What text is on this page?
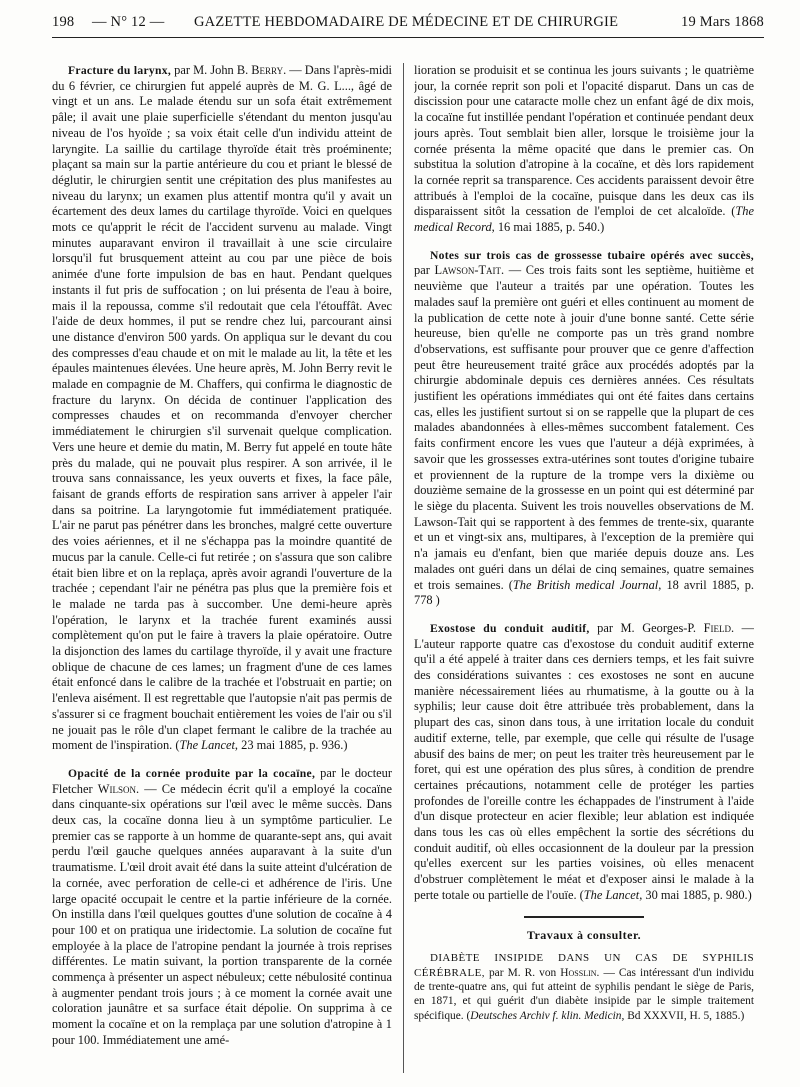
198 — N° 12 — GAZETTE HEBDOMADAIRE DE MÉDECINE ET DE CHIRURGIE	19 Mars 1868

Fracture du larynx, par M. John B. Berry. — Dans l'après-midi du 6 février, ce chirurgien fut appelé auprès de M. G. L..., âgé de vingt et un ans. Le malade étendu sur un sofa était extrêmement pâle; il avait une plaie superficielle s'étendant du menton jusqu'au niveau de l'os hyoïde ; sa voix était celle d'un individu atteint de laryngite. La saillie du cartilage thyroïde était très proéminente; plaçant sa main sur la partie antérieure du cou et priant le blessé de déglutir, le chirurgien sentit une crépitation des plus manifestes au niveau du larynx; un examen plus attentif montra qu'il y avait un écartement des deux lames du cartilage thyroïde. Voici en quelques mots ce qu'apprit le récit de l'accident survenu au malade. Vingt minutes auparavant environ il travaillait à une scie circulaire lorsqu'il fut brusquement atteint au cou par une pièce de bois animée d'une forte impulsion de bas en haut. Pendant quelques instants il fut pris de suffocation ; on lui présenta de l'eau à boire, mais il la repoussa, comme s'il redoutait que cela l'étouffât. Avec l'aide de deux hommes, il put se rendre chez lui, parcourant ainsi une distance d'environ 500 yards. On appliqua sur le devant du cou des compresses d'eau chaude et on mit le malade au lit, la tête et les épaules maintenues élevées. Une heure après, M. John Berry revit le malade en compagnie de M. Chaffers, qui confirma le diagnostic de fracture du larynx. On décida de continuer l'application des compresses chaudes et on recommanda d'envoyer chercher immédiatement le chirurgien s'il survenait quelque complication. Vers une heure et demie du matin, M. Berry fut appelé en toute hâte près du malade, qui ne pouvait plus respirer. A son arrivée, il le trouva sans connaissance, les yeux ouverts et fixes, la face pâle, faisant de grands efforts de respiration sans arriver à appeler l'air dans sa poitrine. La laryngotomie fut immédiatement pratiquée. L'air ne parut pas pénétrer dans les bronches, malgré cette ouverture des voies aériennes, et il ne s'échappa pas la moindre quantité de mucus par la canule. Celle-ci fut retirée ; on s'assura que son calibre était bien libre et on la replaça, après avoir agrandi l'ouverture de la trachée ; cependant l'air ne pénétra pas plus que la première fois et le malade ne tarda pas à succomber. Une demi-heure après l'opération, le larynx et la trachée furent examinés aussi complètement qu'on put le faire à travers la plaie opératoire. Outre la disjonction des lames du cartilage thyroïde, il y avait une fracture oblique de chacune de ces lames; un fragment d'une de ces lames était enfoncé dans le calibre de la trachée et l'obstruait en partie; on l'enleva aisément. Il est regrettable que l'autopsie n'ait pas permis de s'assurer si ce fragment bouchait entièrement les voies de l'air ou s'il ne jouait pas le rôle d'un clapet fermant le calibre de la trachée au moment de l'inspiration. (The Lancet, 23 mai 1885, p. 936.)

Opacité de la cornée produite par la cocaïne, par le docteur Fletcher Wilson. — Ce médecin écrit qu'il a employé la cocaïne dans cinquante-six opérations sur l'œil avec le même succès. Dans deux cas, la cocaïne donna lieu à un symptôme particulier. Le premier cas se rapporte à un homme de quarante-sept ans, qui avait perdu l'œil gauche quelques années auparavant à la suite d'un traumatisme. L'œil droit avait été dans la suite atteint d'ulcération de la cornée, avec perforation de celle-ci et adhérence de l'iris. Une large opacité occupait le centre et la partie inférieure de la cornée. On instilla dans l'œil quelques gouttes d'une solution de cocaïne à 4 pour 100 et on pratiqua une iridectomie. La solution de cocaïne fut employée à la place de l'atropine pendant la journée à trois reprises différentes. Le matin suivant, la portion transparente de la cornée commença à présenter un aspect nébuleux; cette nébulosité continua à augmenter pendant trois jours ; à ce moment la cornée avait une coloration jaunâtre et sa surface était dépolie. On supprima à ce moment la cocaïne et on la remplaça par une solution d'atropine à 1 pour 100. Immédiatement une amé-

lioration se produisit et se continua les jours suivants ; le quatrième jour, la cornée reprit son poli et l'opacité disparut. Dans un cas de discission pour une cataracte molle chez un enfant âgé de dix mois, la cocaïne fut instillée pendant l'opération et continuée pendant deux jours après. Tout semblait bien aller, lorsque le troisième jour la cornée présenta la même opacité que dans le premier cas. On substitua la solution d'atropine à la cocaïne, et dès lors rapidement la cornée reprit sa transparence. Ces accidents paraissent devoir être attribués à l'emploi de la cocaïne, puisque dans les deux cas ils disparaissent sitôt la cessation de l'emploi de cet alcaloïde. (The medical Record, 16 mai 1885, p. 540.)

Notes sur trois cas de grossesse tubaire opérés avec succès, par Lawson-Tait. — Ces trois faits sont les septième, huitième et neuvième que l'auteur a traités par une opération. Toutes les malades sauf la première ont guéri et elles continuent au moment de la publication de cette note à jouir d'une bonne santé. Cette série heureuse, bien qu'elle ne comporte pas un très grand nombre d'observations, est suffisante pour prouver que ce genre d'affection peut être heureusement traité grâce aux procédés adoptés par la chirurgie abdominale depuis ces dernières années. Ces résultats justifient les opérations immédiates qui ont été faites dans certains cas, elles les justifient surtout si on se rappelle que la plupart de ces malades abandonnées à elles-mêmes succombent fatalement. Ces faits confirment encore les vues que l'auteur a déjà exprimées, à savoir que les grossesses extra-utérines sont toutes d'origine tubaire et proviennent de la rupture de la trompe vers la dixième ou douzième semaine de la grossesse en un point qui est déterminé par le siège du placenta. Suivent les trois nouvelles observations de M. Lawson-Tait qui se rapportent à des femmes de trente-six, quarante et un et vingt-six ans, multipares, à l'exception de la première qui n'a jamais eu d'enfant, bien que mariée depuis douze ans. Les malades ont guéri dans un délai de cinq semaines, quatre semaines et trois semaines. (The British medical Journal, 18 avril 1885, p. 778 )

Exostose du conduit auditif, par M. Georges-P. Field. — L'auteur rapporte quatre cas d'exostose du conduit auditif externe qu'il a été appelé à traiter dans ces derniers temps, et les fait suivre des considérations suivantes : ces exostoses ne sont en aucune manière nécessairement liées au rhumatisme, à la goutte ou à la syphilis; leur cause doit être attribuée très probablement, dans la plupart des cas, sinon dans tous, à une irritation locale du conduit auditif externe, telle, par exemple, que celle qui résulte de l'usage abusif des bains de mer; on peut les traiter très heureusement par le foret, qui est une opération des plus sûres, à condition de prendre certaines précautions, notamment celle de protéger les parties profondes de l'oreille contre les échappades de l'instrument à l'aide d'un disque protecteur en acier flexible; leur ablation est indiquée dans tous les cas où elles empêchent la sortie des sécrétions du conduit auditif, où elles occasionnent de la douleur par la pression qu'elles exercent sur les parties voisines, où elles menacent d'obstruer complètement le méat et d'exposer ainsi le malade à la perte totale ou partielle de l'ouïe. (The Lancet, 30 mai 1885, p. 980.)

Travaux à consulter.

DIABÈTE INSIPIDE DANS UN CAS DE SYPHILIS CÉRÉBRALE, par M. R. von Hosslin. — Cas intéressant d'un individu de trente-quatre ans, qui fut atteint de syphilis pendant le siège de Paris, en 1871, et qui guérit d'un diabète insipide par le simple traitement spécifique. (Deutsches Archiv f. klin. Medicin, Bd XXXVII, H. 5, 1885.)
